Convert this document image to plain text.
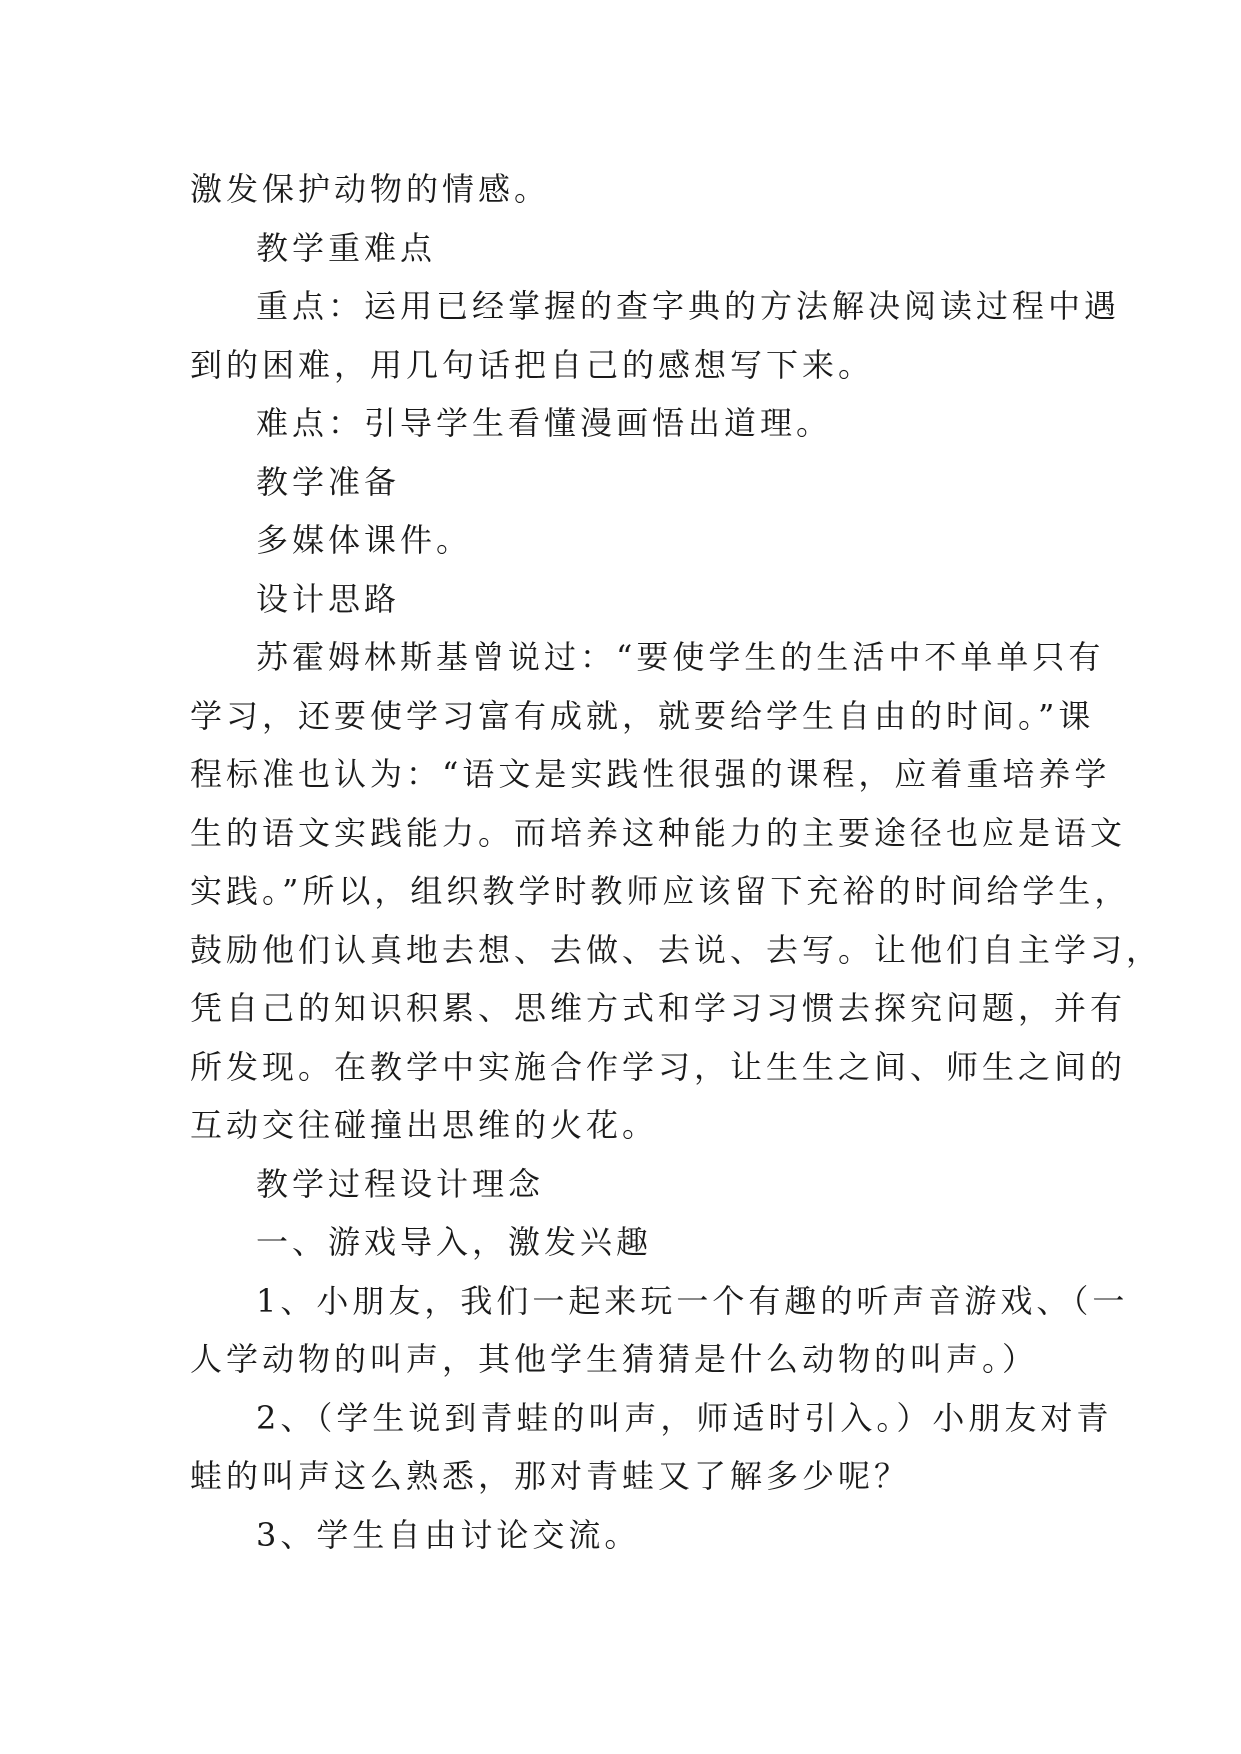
激发保护动物的情感。
教学重难点
重点：运用已经掌握的查字典的方法解决阅读过程中遇
到的困难，用几句话把自己的感想写下来。
难点：引导学生看懂漫画悟出道理。
教学准备
多媒体课件。
设计思路
苏霍姆林斯基曾说过：“要使学生的生活中不单单只有
学习，还要使学习富有成就，就要给学生自由的时间。”课
程标准也认为：“语文是实践性很强的课程，应着重培养学
生的语文实践能力。而培养这种能力的主要途径也应是语文
实践。”所以，组织教学时教师应该留下充裕的时间给学生，
鼓励他们认真地去想、去做、去说、去写。让他们自主学习，
凭自己的知识积累、思维方式和学习习惯去探究问题，并有
所发现。在教学中实施合作学习，让生生之间、师生之间的
互动交往碰撞出思维的火花。
教学过程设计理念
一、游戏导入，激发兴趣
1、小朋友，我们一起来玩一个有趣的听声音游戏、（一
人学动物的叫声，其他学生猜猜是什么动物的叫声。）
2、（学生说到青蛙的叫声，师适时引入。）小朋友对青
蛙的叫声这么熟悉，那对青蛙又了解多少呢？
3、学生自由讨论交流。
